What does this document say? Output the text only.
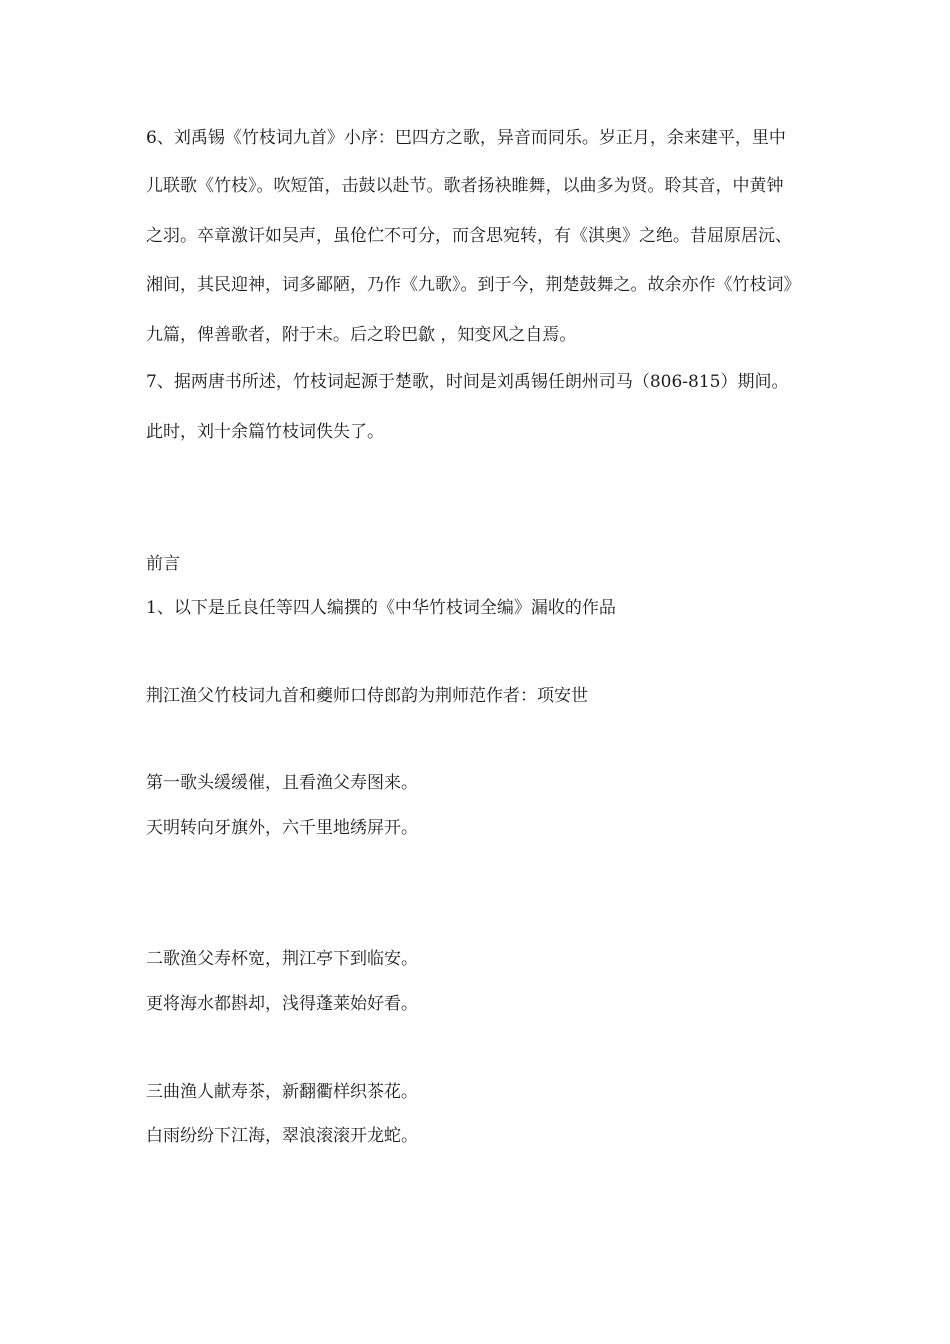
6、刘禹锡《竹枝词九首》小序：巴四方之歌，异音而同乐。岁正月，余来建平，里中
儿联歌《竹枝》。吹短笛，击鼓以赴节。歌者扬袂睢舞，以曲多为贤。聆其音，中黄钟
之羽。卒章激讦如吴声，虽伧伫不可分，而含思宛转，有《淇奥》之绝。昔屈原居沅、
湘间，其民迎神，词多鄙陋，乃作《九歌》。到于今，荆楚鼓舞之。故余亦作《竹枝词》
九篇，俾善歌者，附于末。后之聆巴歙 ，知变风之自焉。
7、据两唐书所述，竹枝词起源于楚歌，时间是刘禹锡任朗州司马（806-815）期间。
此时，刘十余篇竹枝词佚失了。
前言
1、以下是丘良任等四人编撰的《中华竹枝词全编》漏收的作品
荆江渔父竹枝词九首和夔师口侍郎韵为荆师范作者：项安世
第一歌头缓缓催，且看渔父寿图来。
天明转向牙旗外，六千里地绣屏开。
二歌渔父寿杯宽，荆江亭下到临安。
更将海水都斟却，浅得蓬莱始好看。
三曲渔人献寿茶，新翻衢样织茶花。
白雨纷纷下江海，翠浪滚滚开龙蛇。
